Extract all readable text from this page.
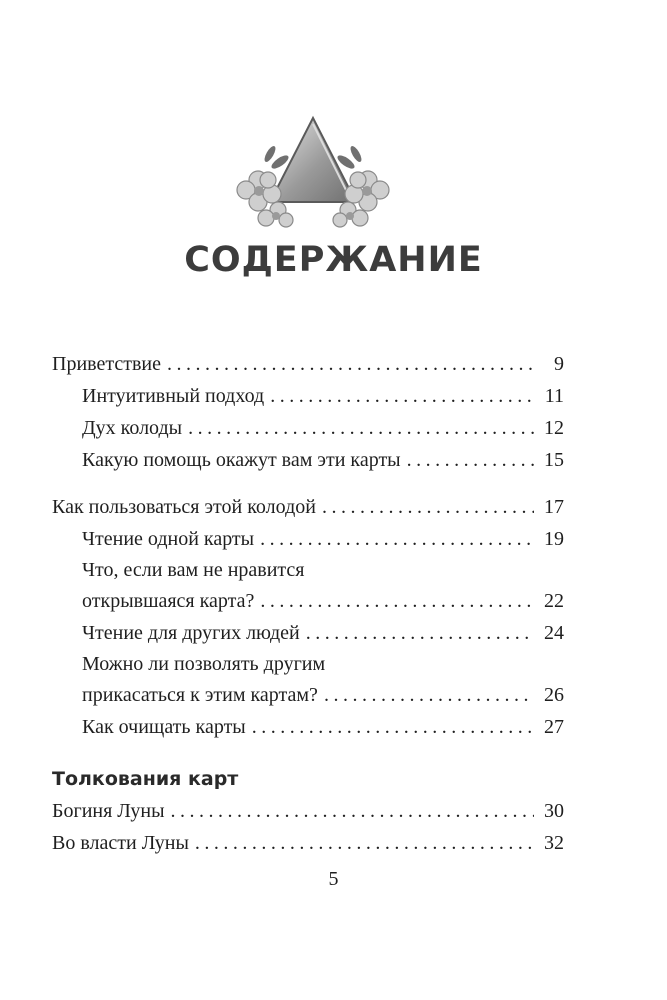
СОДЕРЖАНИЕ
Приветствие .....	9
Интуитивный подход .....	11
Дух колоды .....	12
Какую помощь окажут вам эти карты .....	15
Как пользоваться этой колодой .....	17
Чтение одной карты .....	19
Что, если вам не нравится
открывшаяся карта? .....	22
Чтение для других людей .....	24
Можно ли позволять другим
прикасаться к этим картам? .....	26
Как очищать карты .....	27
Толкования карт
Богиня Луны .....	30
Во власти Луны .....	32
5
